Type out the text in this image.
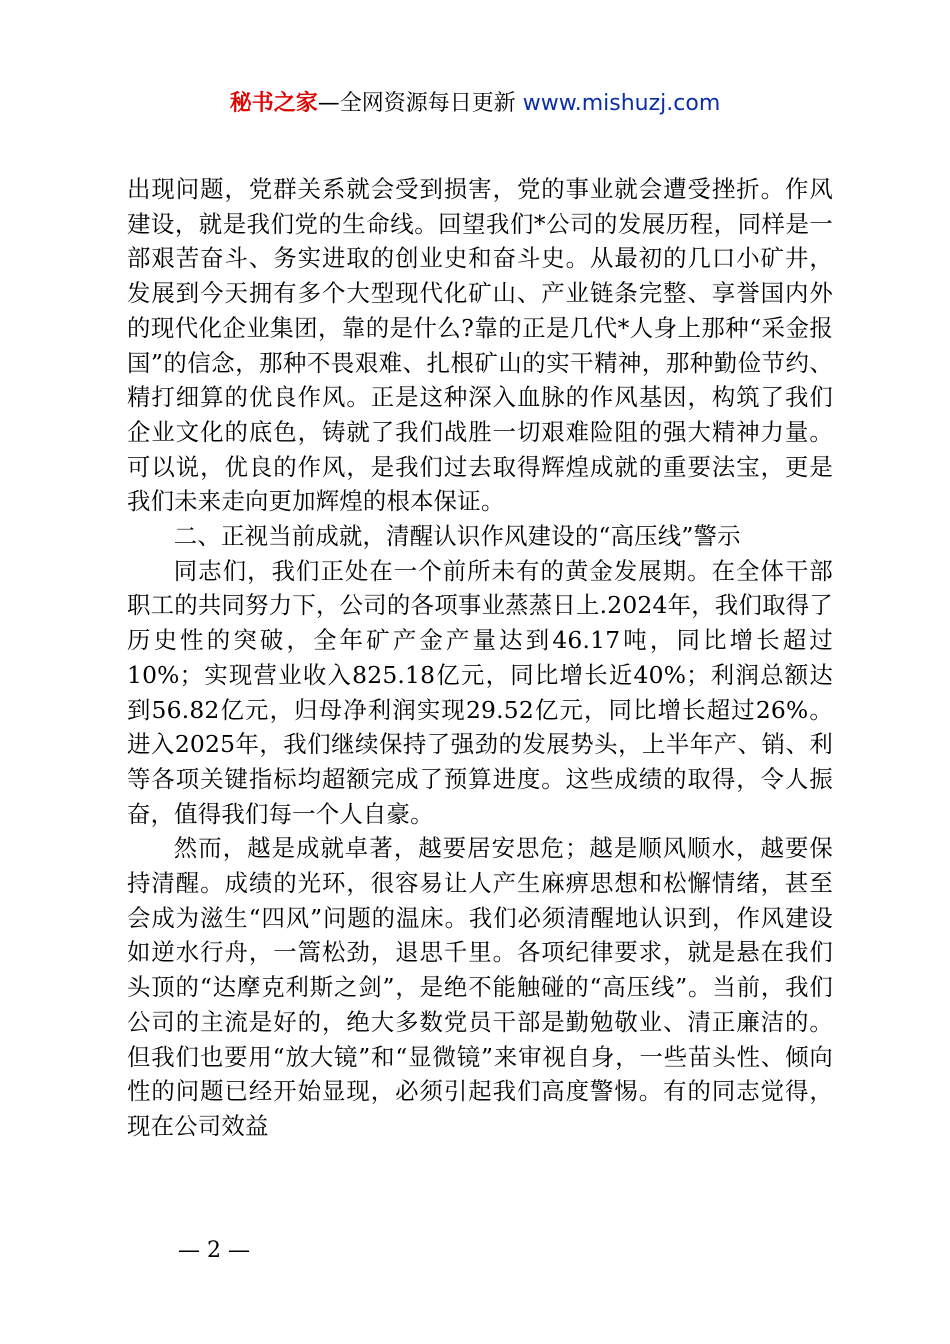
秘书之家—全网资源每日更新 www.mishuzj.com

出现问题，党群关系就会受到损害，党的事业就会遭受挫折。作风建设，就是我们党的生命线。回望我们*公司的发展历程，同样是一部艰苦奋斗、务实进取的创业史和奋斗史。从最初的几口小矿井，发展到今天拥有多个大型现代化矿山、产业链条完整、享誉国内外的现代化企业集团，靠的是什么?靠的正是几代*人身上那种“采金报国”的信念，那种不畏艰难、扎根矿山的实干精神，那种勤俭节约、精打细算的优良作风。正是这种深入血脉的作风基因，构筑了我们企业文化的底色，铸就了我们战胜一切艰难险阻的强大精神力量。可以说，优良的作风，是我们过去取得辉煌成就的重要法宝，更是我们未来走向更加辉煌的根本保证。

二、正视当前成就，清醒认识作风建设的“高压线”警示

同志们，我们正处在一个前所未有的黄金发展期。在全体干部职工的共同努力下，公司的各项事业蒸蒸日上.2024年，我们取得了历史性的突破，全年矿产金产量达到46.17吨，同比增长超过10%；实现营业收入825.18亿元，同比增长近40%；利润总额达到56.82亿元，归母净利润实现29.52亿元，同比增长超过26%。进入2025年，我们继续保持了强劲的发展势头，上半年产、销、利等各项关键指标均超额完成了预算进度。这些成绩的取得，令人振奋，值得我们每一个人自豪。

然而，越是成就卓著，越要居安思危；越是顺风顺水，越要保持清醒。成绩的光环，很容易让人产生麻痹思想和松懈情绪，甚至会成为滋生“四风”问题的温床。我们必须清醒地认识到，作风建设如逆水行舟，一篙松劲，退思千里。各项纪律要求，就是悬在我们头顶的“达摩克利斯之剑”，是绝不能触碰的“高压线”。当前，我们公司的主流是好的，绝大多数党员干部是勤勉敬业、清正廉洁的。但我们也要用“放大镜”和“显微镜”来审视自身，一些苗头性、倾向性的问题已经开始显现，必须引起我们高度警惕。有的同志觉得，现在公司效益

— 2 —
